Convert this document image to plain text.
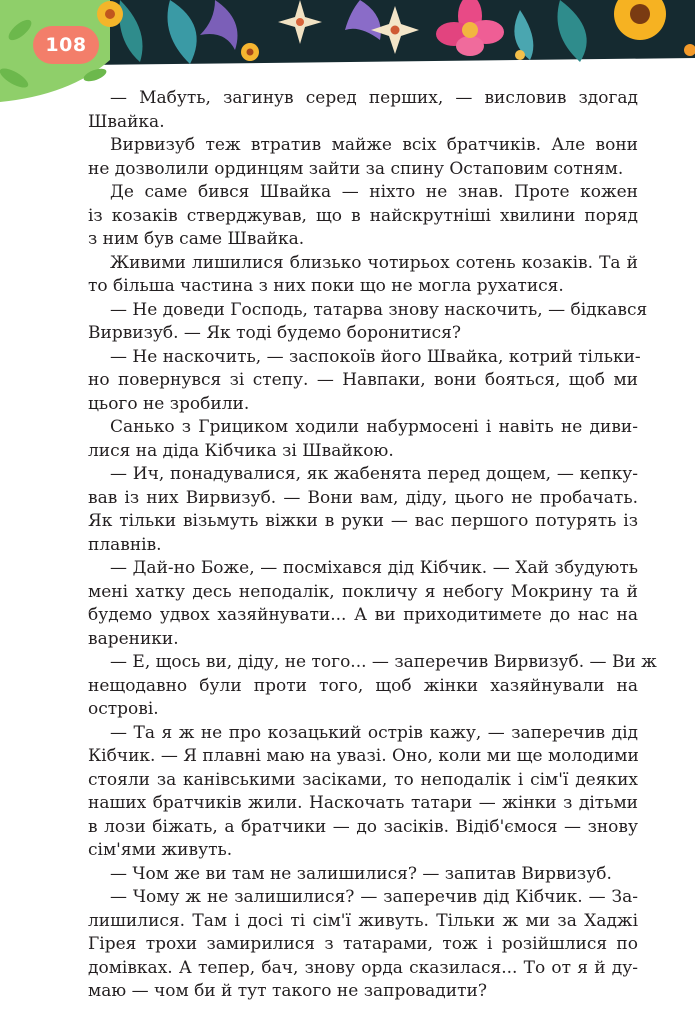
108
— Мабуть, загинув серед перших, — висловив здогад
Швайка.
Вирвизуб теж втратив майже всіх братчиків. Але вони
не дозволили ординцям зайти за спину Остаповим сотням.
Де саме бився Швайка — ніхто не знав. Проте кожен
із козаків стверджував, що в найскрутніші хвилини поряд
з ним був саме Швайка.
Живими лишилися близько чотирьох сотень козаків. Та й
то більша частина з них поки що не могла рухатися.
— Не доведи Господь, татарва знову наскочить, — бідкався
Вирвизуб. — Як тоді будемо боронитися?
— Не наскочить, — заспокоїв його Швайка, котрий тільки-
но повернувся зі степу. — Навпаки, вони бояться, щоб ми
цього не зробили.
Санько з Грициком ходили набурмосені і навіть не диви-
лися на діда Кібчика зі Швайкою.
— Ич, понадувалися, як жабенята перед дощем, — кепку-
вав із них Вирвизуб. — Вони вам, діду, цього не пробачать.
Як тільки візьмуть віжки в руки — вас першого потурять із
плавнів.
— Дай-но Боже, — посміхався дід Кібчик. — Хай збудують
мені хатку десь неподалік, покличу я небогу Мокрину та й
будемо удвох хазяйнувати... А ви приходитимете до нас на
вареники.
— Е, щось ви, діду, не того... — заперечив Вирвизуб. — Ви ж
нещодавно були проти того, щоб жінки хазяйнували на
острові.
— Та я ж не про козацький острів кажу, — заперечив дід
Кібчик. — Я плавні маю на увазі. Оно, коли ми ще молодими
стояли за канівськими засіками, то неподалік і сім'ї деяких
наших братчиків жили. Наскочать татари — жінки з дітьми
в лози біжать, а братчики — до засіків. Відіб'ємося — знову
сім'ями живуть.
— Чом же ви там не залишилися? — запитав Вирвизуб.
— Чому ж не залишилися? — заперечив дід Кібчик. — За-
лишилися. Там і досі ті сім'ї живуть. Тільки ж ми за Хаджі
Гірея трохи замирилися з татарами, тож і розійшлися по
домівках. А тепер, бач, знову орда сказилася... То от я й ду-
маю — чом би й тут такого не запровадити?
